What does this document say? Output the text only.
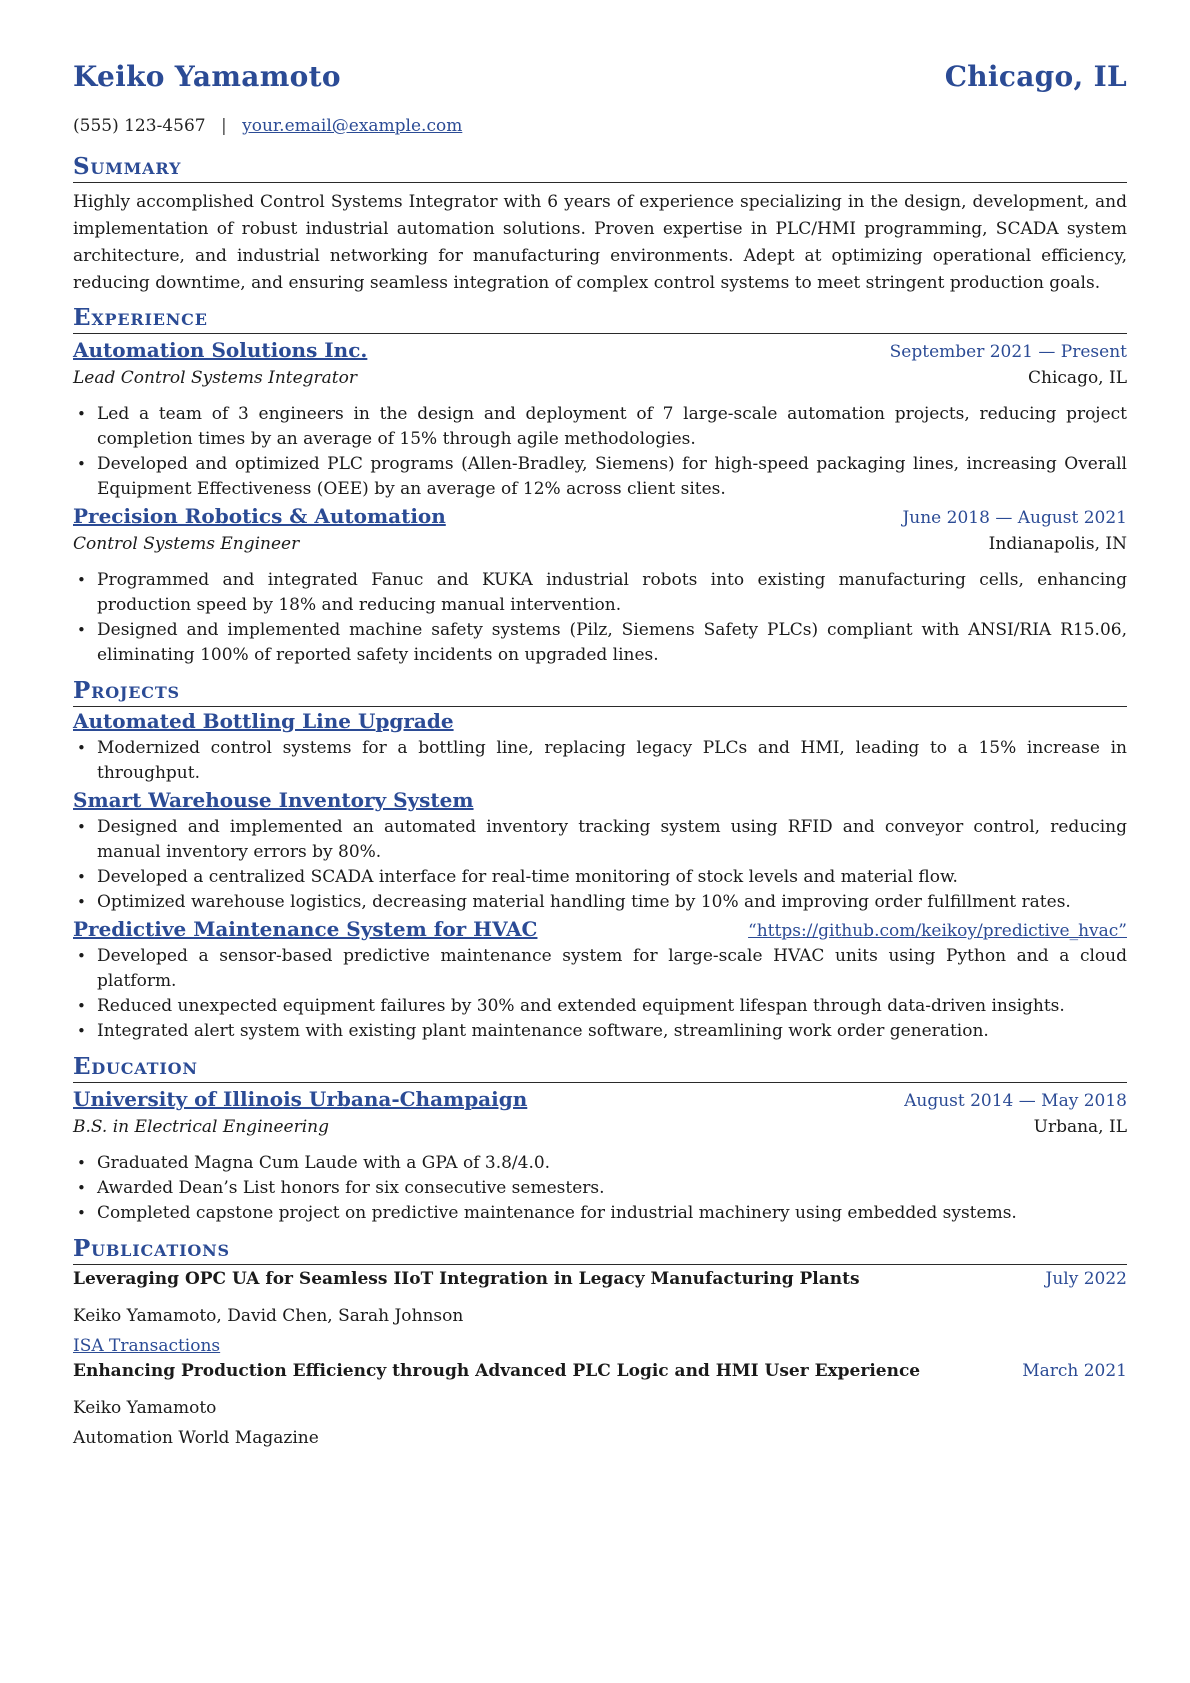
Keiko Yamamoto	Chicago, IL
(555) 123-4567 | your.email@example.com
Summary
Highly accomplished Control Systems Integrator with 6 years of experience specializing in the design, development, and implementation of robust industrial automation solutions. Proven expertise in PLC/HMI programming, SCADA system architecture, and industrial networking for manufacturing environments. Adept at optimizing operational efficiency, reducing downtime, and ensuring seamless integration of complex control systems to meet stringent production goals.
Experience
Automation Solutions Inc.	September 2021 — Present
Lead Control Systems Integrator	Chicago, IL
• Led a team of 3 engineers in the design and deployment of 7 large-scale automation projects, reducing project completion times by an average of 15% through agile methodologies.
• Developed and optimized PLC programs (Allen-Bradley, Siemens) for high-speed packaging lines, increasing Overall Equipment Effectiveness (OEE) by an average of 12% across client sites.
Precision Robotics & Automation	June 2018 — August 2021
Control Systems Engineer	Indianapolis, IN
• Programmed and integrated Fanuc and KUKA industrial robots into existing manufacturing cells, enhancing production speed by 18% and reducing manual intervention.
• Designed and implemented machine safety systems (Pilz, Siemens Safety PLCs) compliant with ANSI/RIA R15.06, eliminating 100% of reported safety incidents on upgraded lines.
Projects
Automated Bottling Line Upgrade
• Modernized control systems for a bottling line, replacing legacy PLCs and HMI, leading to a 15% increase in throughput.
Smart Warehouse Inventory System
• Designed and implemented an automated inventory tracking system using RFID and conveyor control, reducing manual inventory errors by 80%.
• Developed a centralized SCADA interface for real-time monitoring of stock levels and material flow.
• Optimized warehouse logistics, decreasing material handling time by 10% and improving order fulfillment rates.
Predictive Maintenance System for HVAC	“https://github.com/keikoy/predictive_hvac”
• Developed a sensor-based predictive maintenance system for large-scale HVAC units using Python and a cloud platform.
• Reduced unexpected equipment failures by 30% and extended equipment lifespan through data-driven insights.
• Integrated alert system with existing plant maintenance software, streamlining work order generation.
Education
University of Illinois Urbana-Champaign	August 2014 — May 2018
B.S. in Electrical Engineering	Urbana, IL
• Graduated Magna Cum Laude with a GPA of 3.8/4.0.
• Awarded Dean’s List honors for six consecutive semesters.
• Completed capstone project on predictive maintenance for industrial machinery using embedded systems.
Publications
Leveraging OPC UA for Seamless IIoT Integration in Legacy Manufacturing Plants	July 2022
Keiko Yamamoto, David Chen, Sarah Johnson
ISA Transactions
Enhancing Production Efficiency through Advanced PLC Logic and HMI User Experience	March 2021
Keiko Yamamoto
Automation World Magazine
